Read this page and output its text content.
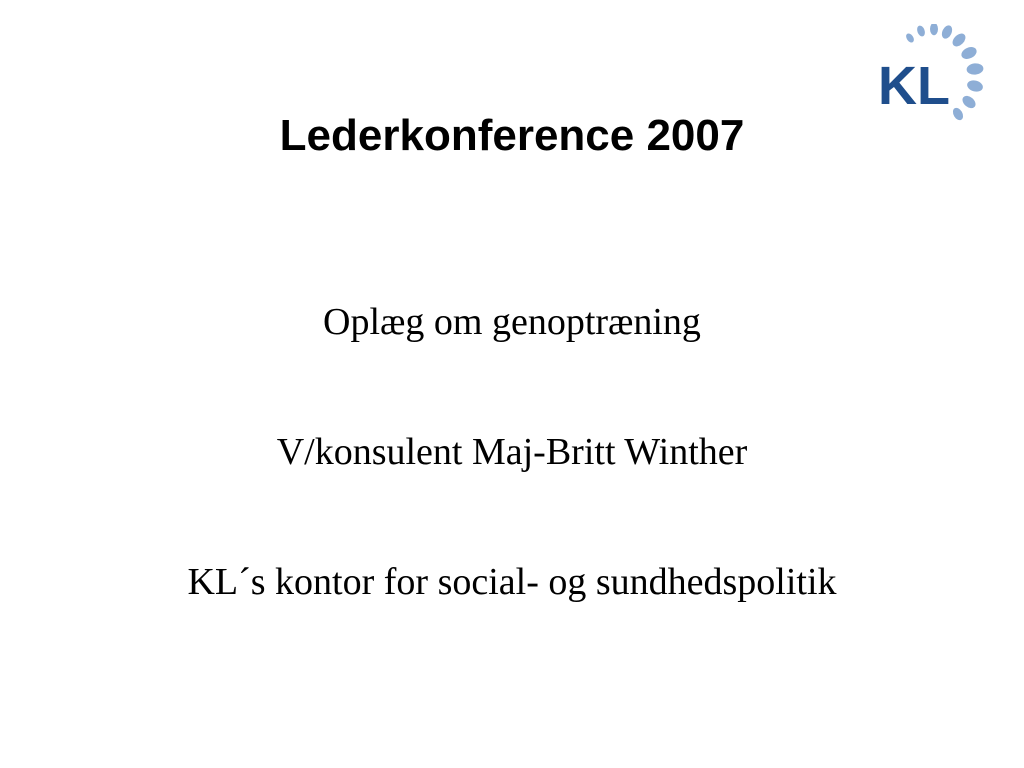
KL
Lederkonference 2007

Oplæg om genoptræning

V/konsulent Maj-Britt Winther

KL´s kontor for social- og sundhedspolitik
